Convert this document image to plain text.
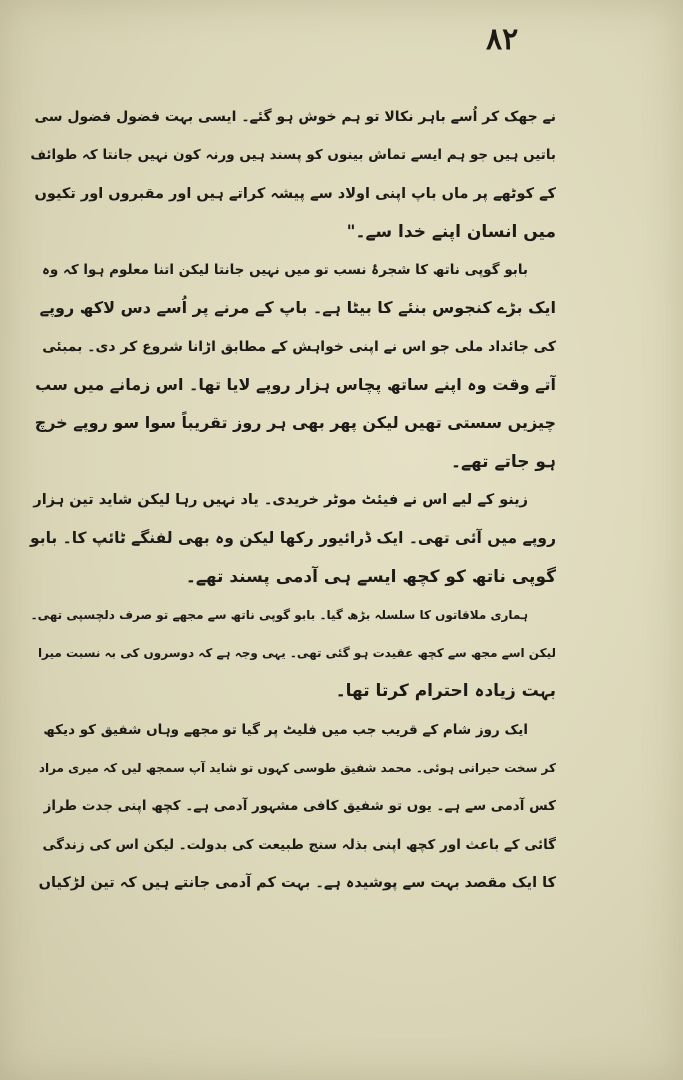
۸۲
نے جھک کر اُسے باہر نکالا تو ہم خوش ہو گئے۔ ایسی بہت فضول فضول سی
باتیں ہیں جو ہم ایسے تماش بینوں کو پسند ہیں ورنہ کون نہیں جانتا کہ طوائف
کے کوٹھے پر ماں باپ اپنی اولاد سے پیشہ کراتے ہیں اور مقبروں اور تکیوں
میں انسان اپنے خدا سے۔"
بابو گوپی ناتھ کا شجرۂ نسب تو میں نہیں جانتا لیکن اتنا معلوم ہوا کہ وہ
ایک بڑے کنجوس بنئے کا بیٹا ہے۔ باپ کے مرنے پر اُسے دس لاکھ روپے
کی جائداد ملی جو اس نے اپنی خواہش کے مطابق اڑانا شروع کر دی۔ بمبئی
آتے وقت وہ اپنے ساتھ پچاس ہزار روپے لایا تھا۔ اس زمانے میں سب
چیزیں سستی تھیں لیکن پھر بھی ہر روز تقریباً سوا سو روپے خرچ
ہو جاتے تھے۔
زینو کے لیے اس نے فیئٹ موٹر خریدی۔ یاد نہیں رہا لیکن شاید تین ہزار
روپے میں آئی تھی۔ ایک ڈرائیور رکھا لیکن وہ بھی لفنگے ٹائپ کا۔ بابو
گوپی ناتھ کو کچھ ایسے ہی آدمی پسند تھے۔
ہماری ملاقاتوں کا سلسلہ بڑھ گیا۔ بابو گوپی ناتھ سے مجھے تو صرف دلچسپی تھی۔
لیکن اسے مجھ سے کچھ عقیدت ہو گئی تھی۔ یہی وجہ ہے کہ دوسروں کی بہ نسبت میرا
بہت زیادہ احترام کرتا تھا۔
ایک روز شام کے قریب جب میں فلیٹ پر گیا تو مجھے وہاں شفیق کو دیکھ
کر سخت حیرانی ہوئی۔ محمد شفیق طوسی کہوں تو شاید آپ سمجھ لیں کہ میری مراد
کس آدمی سے ہے۔ یوں تو شفیق کافی مشہور آدمی ہے۔ کچھ اپنی جدت طراز
گائی کے باعث اور کچھ اپنی بذلہ سنج طبیعت کی بدولت۔ لیکن اس کی زندگی
کا ایک مقصد بہت سے پوشیدہ ہے۔ بہت کم آدمی جانتے ہیں کہ تین لڑکیاں
